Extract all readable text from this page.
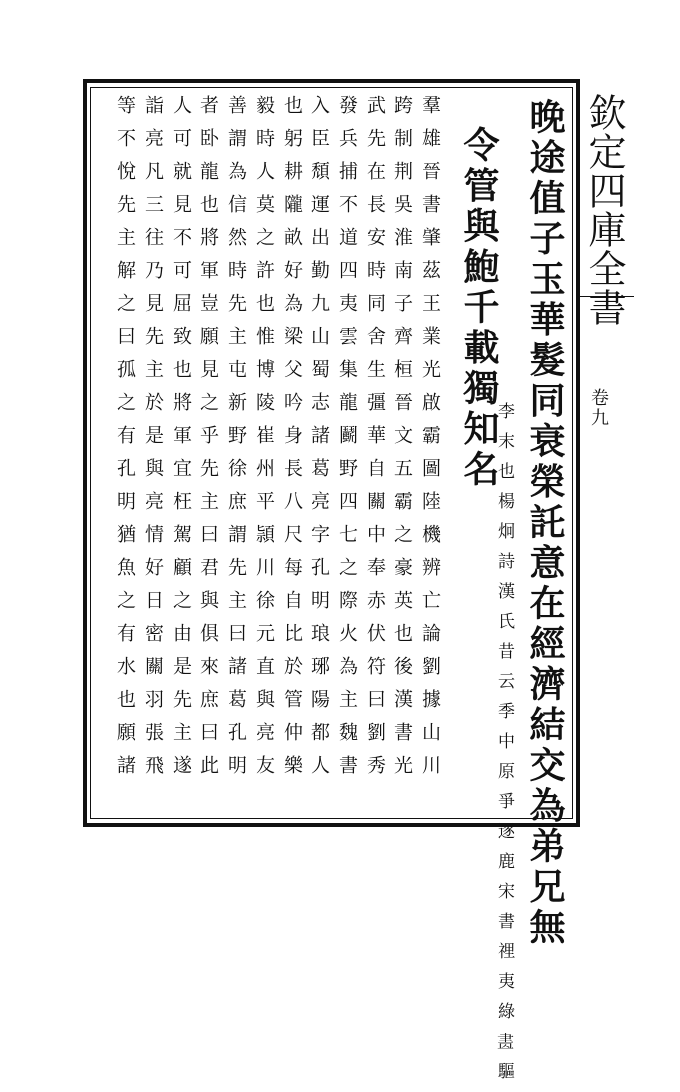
欽定四庫全書
卷九
晚途值子玉華髮同衰榮託意在經濟結交為弟兄無
令管與鮑千載獨知名
李末也楊炯詩漢氏昔云季中原爭逐鹿宋書𥚃夷綠𦘕驅
羣雄晉書肇茲王業光啟霸圖陸機辨亡論劉據山川
跨制荆吳淮南子齊桓晉文五霸之豪英也後漢書光
武先在長安時同舍生彊華自關中奉赤伏符曰劉秀
發兵捕不道四夷雲集龍鬬野四七之際火為主魏書
入臣頹運出勤九山蜀志諸葛亮字孔明琅琊陽都人
也躬耕隴畝好為梁父吟身長八尺每自比於管仲樂
毅時人莫之許也惟博陵崔州平頴川徐元直與亮友
善謂為信然時先主屯新野徐庶謂先主曰諸葛孔明
者卧龍也將軍豈願見之乎先主曰君與俱來庶曰此
人可就見不可屈致也將軍宜枉駕顧之由是先主遂
詣亮凡三往乃見先主於是與亮情好日密關羽張飛
等不悅先主解之曰孤之有孔明猶魚之有水也願諸
